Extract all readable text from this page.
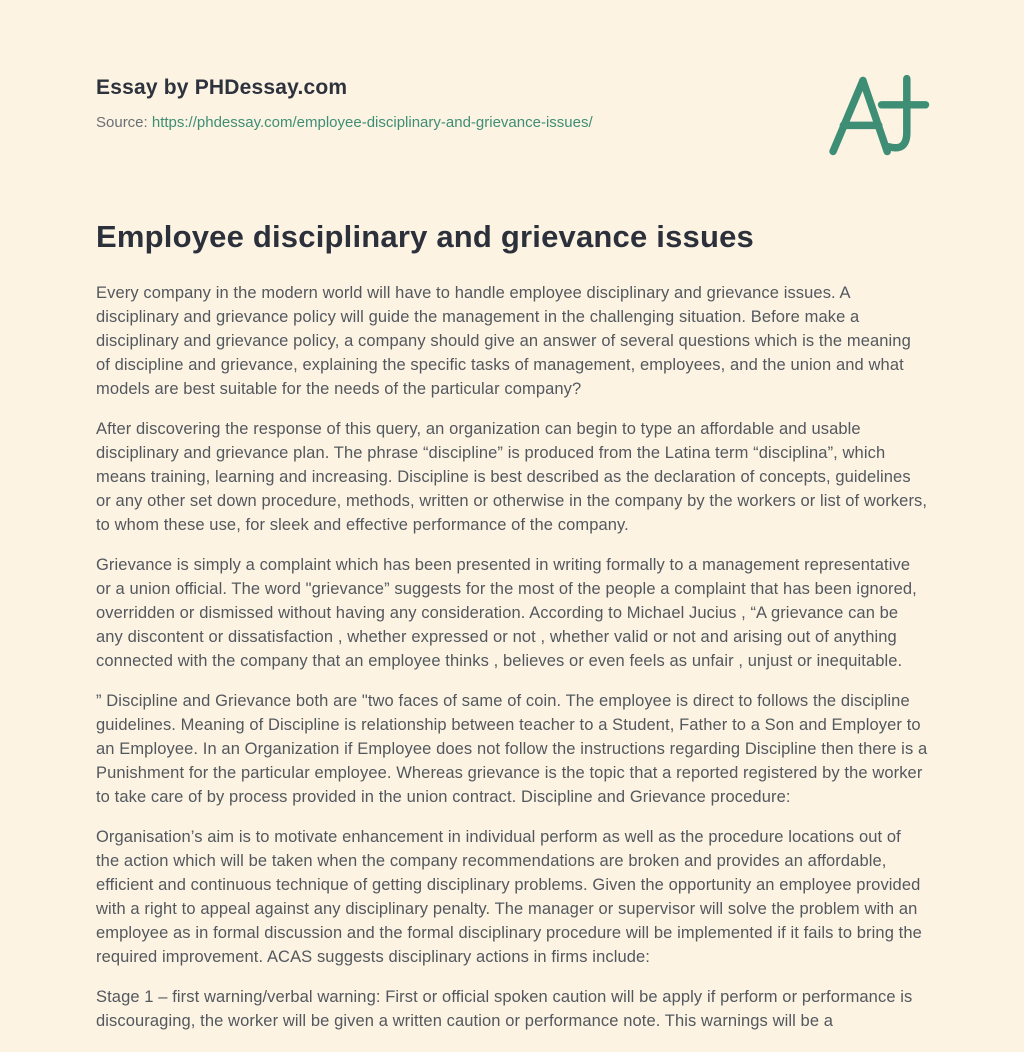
Essay by PHDessay.com
Source: https://phdessay.com/employee-disciplinary-and-grievance-issues/
Employee disciplinary and grievance issues

Every company in the modern world will have to handle employee disciplinary and grievance issues. A disciplinary and grievance policy will guide the management in the challenging situation. Before make a disciplinary and grievance policy, a company should give an answer of several questions which is the meaning of discipline and grievance, explaining the specific tasks of management, employees, and the union and what models are best suitable for the needs of the particular company?

After discovering the response of this query, an organization can begin to type an affordable and usable disciplinary and grievance plan. The phrase “discipline” is produced from the Latina term “disciplina”, which means training, learning and increasing. Discipline is best described as the declaration of concepts, guidelines or any other set down procedure, methods, written or otherwise in the company by the workers or list of workers, to whom these use, for sleek and effective performance of the company.

Grievance is simply a complaint which has been presented in writing formally to a management representative or a union official. The word "grievance” suggests for the most of the people a complaint that has been ignored, overridden or dismissed without having any consideration. According to Michael Jucius , “A grievance can be any discontent or dissatisfaction , whether expressed or not , whether valid or not and arising out of anything connected with the company that an employee thinks , believes or even feels as unfair , unjust or inequitable.

” Discipline and Grievance both are "two faces of same of coin. The employee is direct to follows the discipline guidelines. Meaning of Discipline is relationship between teacher to a Student, Father to a Son and Employer to an Employee. In an Organization if Employee does not follow the instructions regarding Discipline then there is a Punishment for the particular employee. Whereas grievance is the topic that a reported registered by the worker to take care of by process provided in the union contract. Discipline and Grievance procedure:

Organisation’s aim is to motivate enhancement in individual perform as well as the procedure locations out of the action which will be taken when the company recommendations are broken and provides an affordable, efficient and continuous technique of getting disciplinary problems. Given the opportunity an employee provided with a right to appeal against any disciplinary penalty. The manager or supervisor will solve the problem with an employee as in formal discussion and the formal disciplinary procedure will be implemented if it fails to bring the required improvement. ACAS suggests disciplinary actions in firms include:

Stage 1 – first warning/verbal warning: First or official spoken caution will be apply if perform or performance is discouraging, the worker will be given a written caution or performance note. This warnings will be a
